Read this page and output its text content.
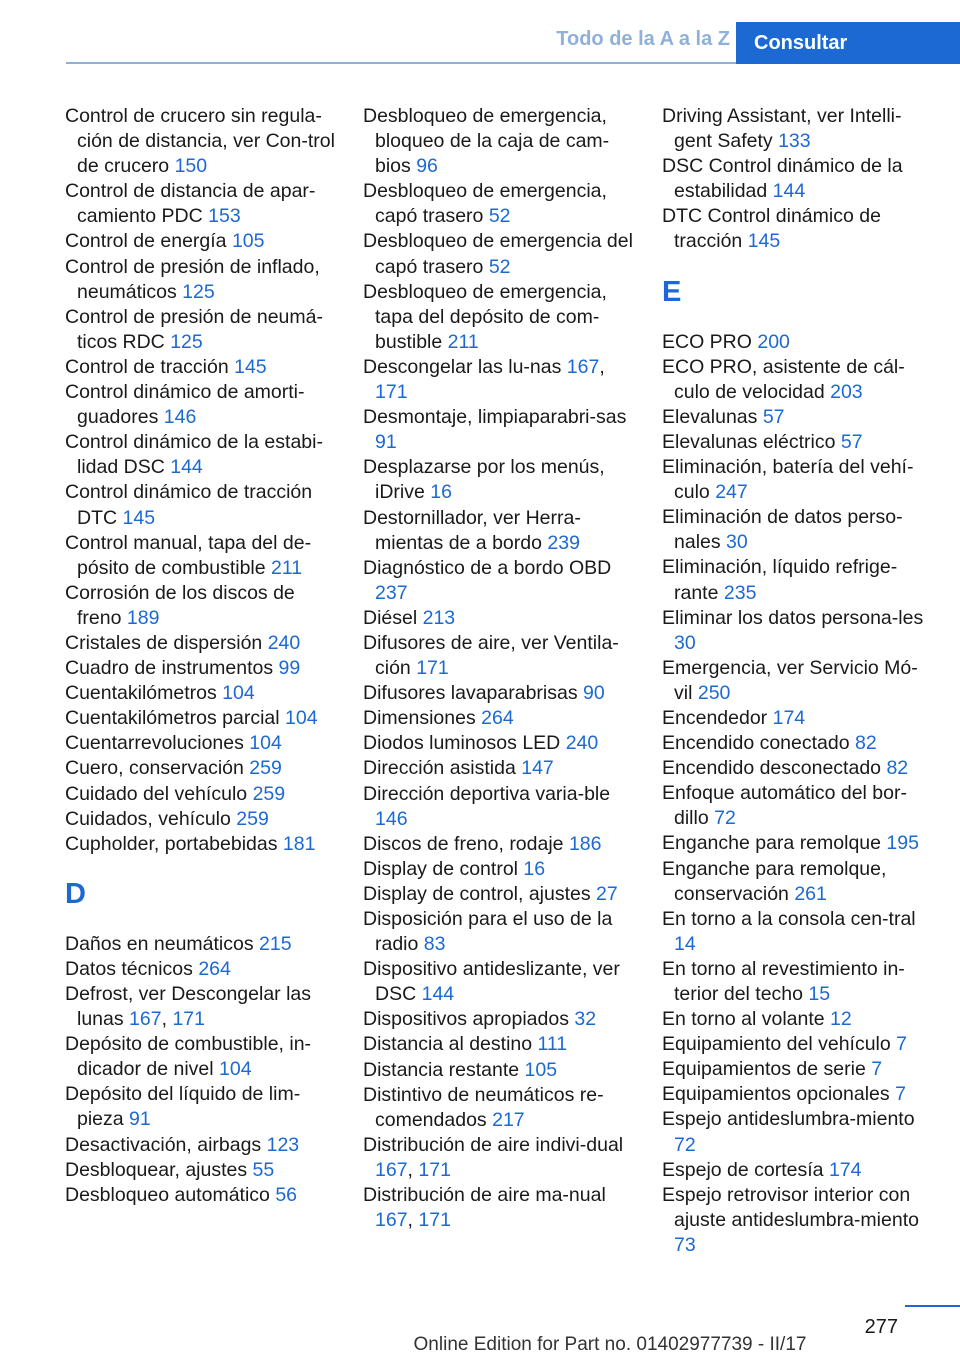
Todo de la A a la Z	Consultar
Control de crucero sin regula-ción de distancia, ver Con-trol de crucero 150
Control de distancia de apar-camiento PDC 153
Control de energía 105
Control de presión de inflado, neumáticos 125
Control de presión de neumá-ticos RDC 125
Control de tracción 145
Control dinámico de amorti-guadores 146
Control dinámico de la estabi-lidad DSC 144
Control dinámico de tracción DTC 145
Control manual, tapa del de-pósito de combustible 211
Corrosión de los discos de freno 189
Cristales de dispersión 240
Cuadro de instrumentos 99
Cuentakilómetros 104
Cuentakilómetros parcial 104
Cuentarrevoluciones 104
Cuero, conservación 259
Cuidado del vehículo 259
Cuidados, vehículo 259
Cupholder, portabebidas 181
D
Daños en neumáticos 215
Datos técnicos 264
Defrost, ver Descongelar las lunas 167, 171
Depósito de combustible, in-dicador de nivel 104
Depósito del líquido de lim-pieza 91
Desactivación, airbags 123
Desbloquear, ajustes 55
Desbloqueo automático 56
Desbloqueo de emergencia, bloqueo de la caja de cam-bios 96
Desbloqueo de emergencia, capó trasero 52
Desbloqueo de emergencia del capó trasero 52
Desbloqueo de emergencia, tapa del depósito de com-bustible 211
Descongelar las lu-nas 167, 171
Desmontaje, limpiaparabri-sas 91
Desplazarse por los menús, iDrive 16
Destornillador, ver Herra-mientas de a bordo 239
Diagnóstico de a bordo OBD 237
Diésel 213
Difusores de aire, ver Ventila-ción 171
Difusores lavaparabrisas 90
Dimensiones 264
Diodos luminosos LED 240
Dirección asistida 147
Dirección deportiva varia-ble 146
Discos de freno, rodaje 186
Display de control 16
Display de control, ajustes 27
Disposición para el uso de la radio 83
Dispositivo antideslizante, ver DSC 144
Dispositivos apropiados 32
Distancia al destino 111
Distancia restante 105
Distintivo de neumáticos re-comendados 217
Distribución de aire indivi-dual 167, 171
Distribución de aire ma-nual 167, 171
Driving Assistant, ver Intelli-gent Safety 133
DSC Control dinámico de la estabilidad 144
DTC Control dinámico de tracción 145
E
ECO PRO 200
ECO PRO, asistente de cál-culo de velocidad 203
Elevalunas 57
Elevalunas eléctrico 57
Eliminación, batería del vehí-culo 247
Eliminación de datos perso-nales 30
Eliminación, líquido refrige-rante 235
Eliminar los datos persona-les 30
Emergencia, ver Servicio Mó-vil 250
Encendedor 174
Encendido conectado 82
Encendido desconectado 82
Enfoque automático del bor-dillo 72
Enganche para remolque 195
Enganche para remolque, conservación 261
En torno a la consola cen-tral 14
En torno al revestimiento in-terior del techo 15
En torno al volante 12
Equipamiento del vehículo 7
Equipamientos de serie 7
Equipamientos opcionales 7
Espejo antideslumbra-miento 72
Espejo de cortesía 174
Espejo retrovisor interior con ajuste antideslumbra-miento 73
277
Online Edition for Part no. 01402977739 - II/17
